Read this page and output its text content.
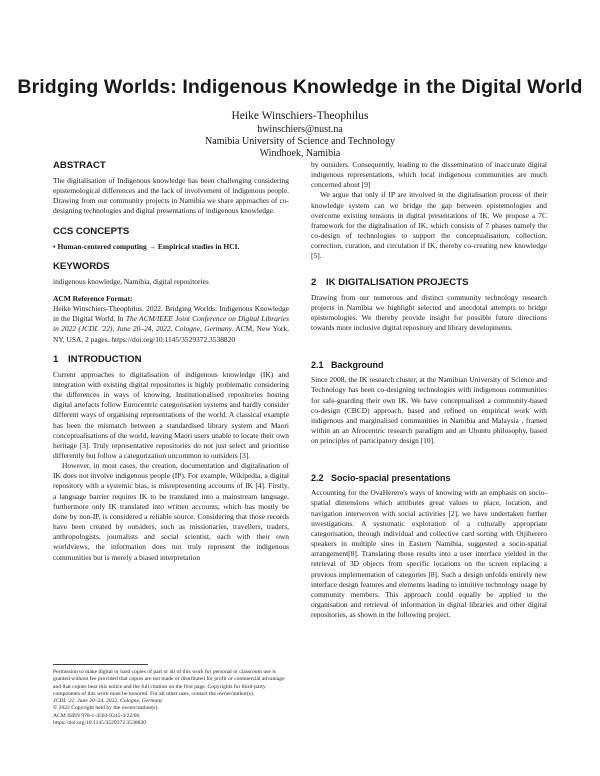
Bridging Worlds: Indigenous Knowledge in the Digital World
Heike Winschiers-Theophilus
hwinschiers@nust.na
Namibia University of Science and Technology
Windhoek, Namibia
ABSTRACT

The digitalisation of Indigenous knowledge has been challenging considering epistemological differences and the lack of involvement of indigenous people. Drawing from our community projects in Namibia we share approaches of co-designing technologies and digital presentations of indigenous knowledge.

CCS CONCEPTS

• Human-centered computing → Empirical studies in HCI.

KEYWORDS

indigenous knowledge, Namibia, digital repositories

ACM Reference Format:
Heike Winschiers-Theophilus. 2022. Bridging Worlds: Indigenous Knowledge in the Digital World. In The ACM/IEEE Joint Conference on Digital Libraries in 2022 (JCDL '22), June 20–24, 2022, Cologne, Germany. ACM, New York, NY, USA, 2 pages. https://doi.org/10.1145/3529372.3538820

1 INTRODUCTION

Current approaches to digitalisation of indigenous knowledge (IK) and integration with existing digital repositories is highly problematic considering the differences in ways of knowing. Institutionalised repositories hosting digital artefacts follow Eurocentric categorisation systems and hardly consider different ways of organising representations of the world. A classical example has been the mismatch between a standardised library system and Maori conceptualisations of the world, leaving Maori users unable to locate their own heritage [3]. Truly representative repositories do not just select and prioritise differently but follow a categorization uncommon to outsiders [3].

However, in most cases, the creation, documentation and digitalisation of IK does not involve indigenous people (IP). For example, Wikipedia, a digital repository with a systemic bias, is misrepresenting accounts of IK [4]. Firstly, a language barrier requires IK to be translated into a mainstream language, furthermore only IK translated into written accounts, which has mostly be done by non-IP, is considered a reliable source. Considering that those records have been created by outsiders, such as missionaries, travellers, traders, anthropologists, journalists and social scientist, each with their own worldviews, the information does not truly represent the indigenous communities but is merely a biased interpretation

Permission to make digital or hard copies of part or all of this work for personal or classroom use is granted without fee provided that copies are not made or distributed for profit or commercial advantage and that copies bear this notice and the full citation on the first page. Copyrights for third-party components of this work must be honored. For all other uses, contact the owner/author(s).

JCDL '22, June 20–24, 2022, Cologne, Germany

© 2022 Copyright held by the owner/author(s).

ACM ISBN 978-1-4503-9345-4/22/06.

https://doi.org/10.1145/3529372.3538820

by outsiders. Consequently, leading to the dissemination of inaccurate digital indigenous representations, which local indigenous communities are much concerned about [9]

We argue that only if IP are involved in the digitalisation process of their knowledge system can we bridge the gap between epistemologies and overcome existing tensions in digital presentations of IK. We propose a 7C framework for the digitalisation of IK, which consists of 7 phases namely the co-design of technologies to support the conceptualisation, collection, correction, curation, and circulation if IK, thereby co-creating new knowledge [5].

2 IK DIGITALISATION PROJECTS

Drawing from our numerous and distinct community technology research projects in Namibia we highlight selected and anecdotal attempts to bridge epistemologies. We thereby provide insight for possible future directions towards more inclusive digital repository and library developments.

2.1 Background

Since 2008, the IK research cluster, at the Namibian University of Science and Technology has been co-designing technologies with indigenous communities for safe-guarding their own IK. We have conceptualised a community-based co-design (CBCD) approach, based and refined on empirical work with indigenous and marginalised communities in Namibia and Malaysia , framed within an an Afrocentric research paradigm and an Ubuntu philosophy, based on principles of participatory design [10].

2.2 Socio-spacial presentations

Accounting for the OvaHerero's ways of knowing with an emphasis on socio-spatial dimensions which attributes great values to place, location, and navigation interwoven with social activities [2], we have undertaken further investigations. A systematic exploration of a culturally appropriate categorisation, through individual and collective card sorting with Otjiherero speakers in multiple sites in Eastern Namibia, suggested a socio-spatial arrangement[8]. Translating those results into a user interface yielded in the retrieval of 3D objects from specific locations on the screen replacing a previous implementation of categories [8]. Such a design unfolds entirely new interface design features and elements leading to intuitive technology usage by community members. This approach could equally be applied to the organisation and retrieval of information in digital libraries and other digital repositories, as shown in the following project.
